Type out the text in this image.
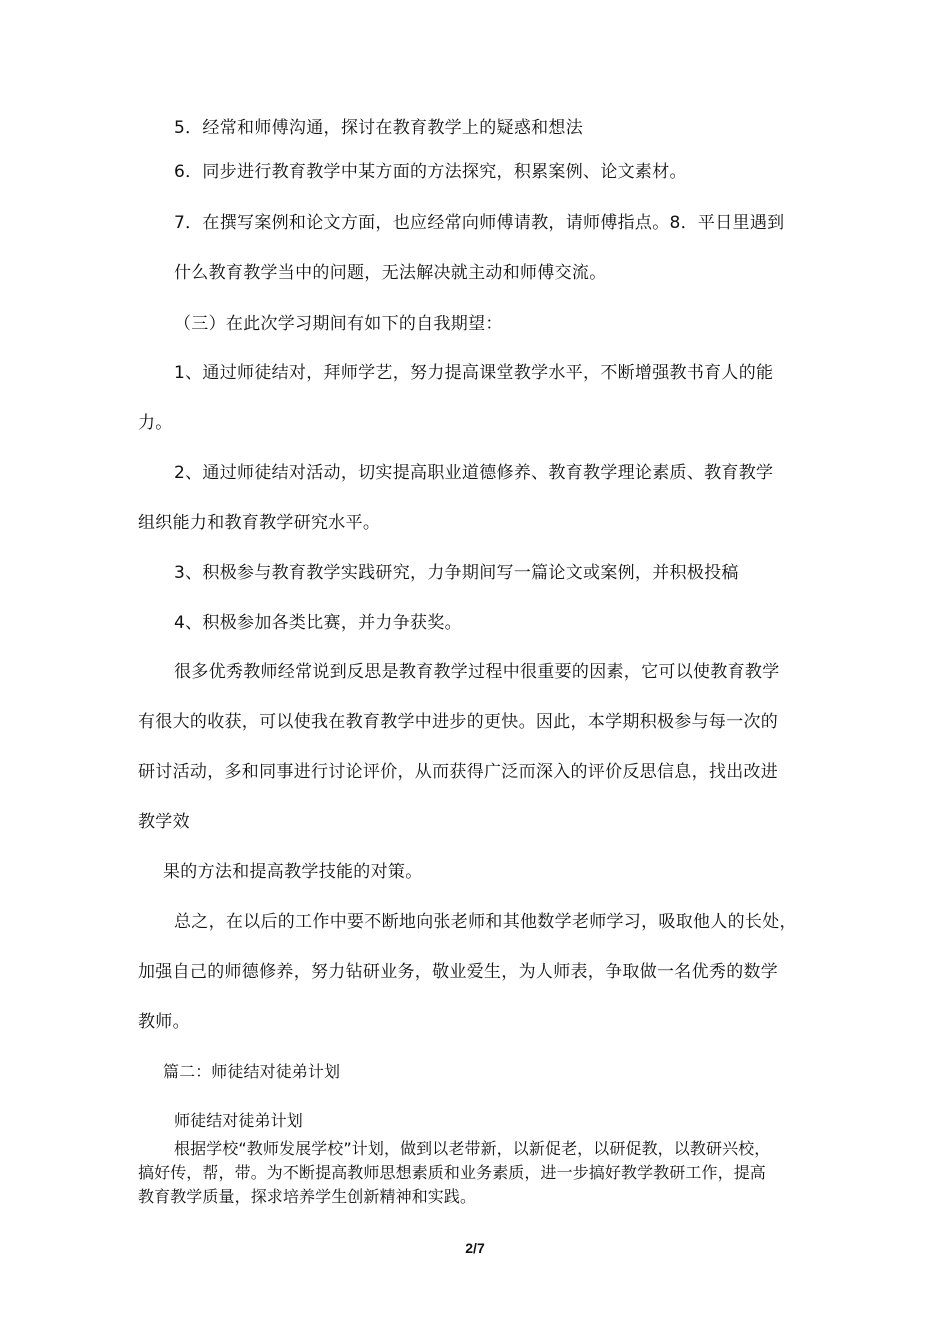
5．经常和师傅沟通，探讨在教育教学上的疑惑和想法
6．同步进行教育教学中某方面的方法探究，积累案例、论文素材。
7．在撰写案例和论文方面，也应经常向师傅请教，请师傅指点。8．平日里遇到
什么教育教学当中的问题，无法解决就主动和师傅交流。
（三）在此次学习期间有如下的自我期望：
1、通过师徒结对，拜师学艺，努力提高课堂教学水平，不断增强教书育人的能
力。
2、通过师徒结对活动，切实提高职业道德修养、教育教学理论素质、教育教学
组织能力和教育教学研究水平。
3、积极参与教育教学实践研究，力争期间写一篇论文或案例，并积极投稿
4、积极参加各类比赛，并力争获奖。
很多优秀教师经常说到反思是教育教学过程中很重要的因素，它可以使教育教学
有很大的收获，可以使我在教育教学中进步的更快。因此，本学期积极参与每一次的
研讨活动，多和同事进行讨论评价，从而获得广泛而深入的评价反思信息，找出改进
教学效
果的方法和提高教学技能的对策。
总之，在以后的工作中要不断地向张老师和其他数学老师学习，吸取他人的长处，
加强自己的师德修养，努力钻研业务，敬业爱生，为人师表，争取做一名优秀的数学
教师。
篇二：师徒结对徒弟计划
师徒结对徒弟计划
根据学校“教师发展学校”计划，做到以老带新，以新促老，以研促教，以教研兴校，
搞好传，帮，带。为不断提高教师思想素质和业务素质，进一步搞好教学教研工作，提高
教育教学质量，探求培养学生创新精神和实践。
2/7
